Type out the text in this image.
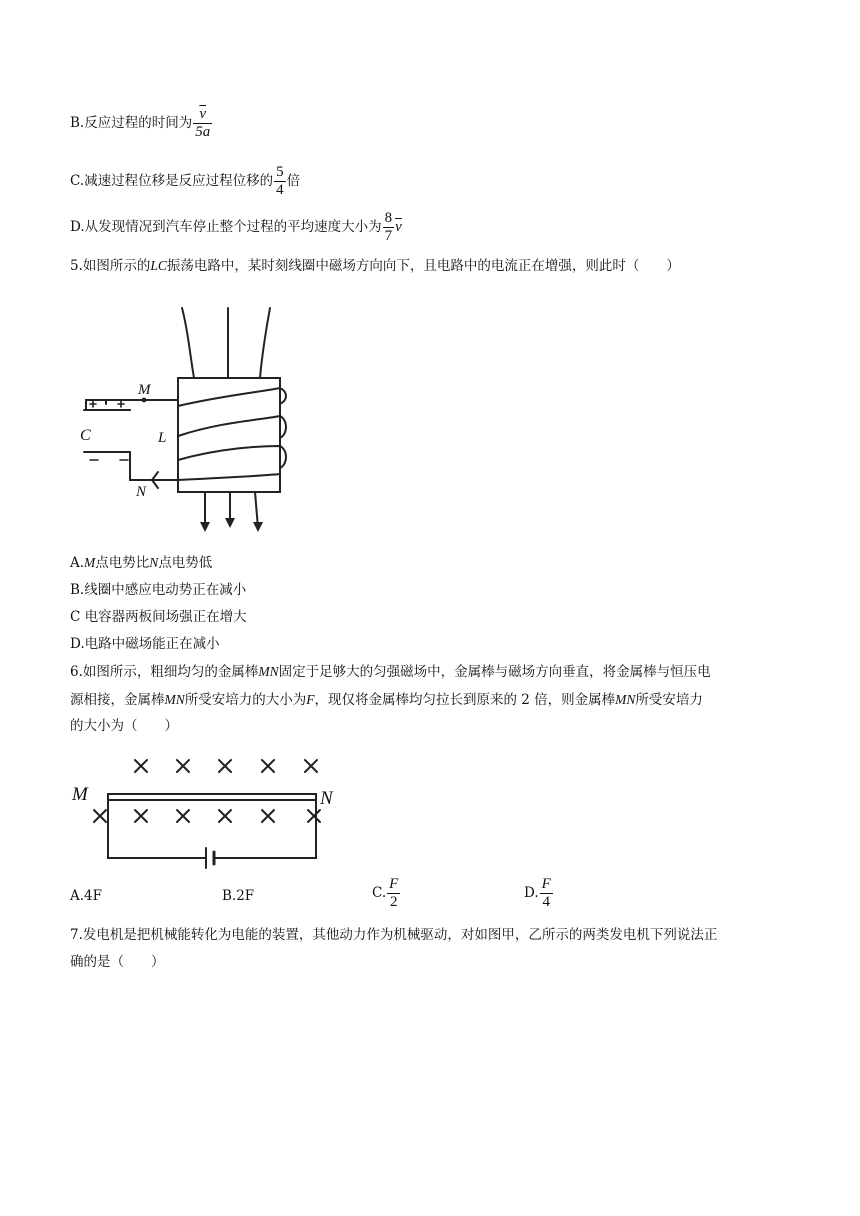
B.反应过程的时间为 $\frac{\overline{v}}{5a}$
C.减速过程位移是反应过程位移的 $\frac{5}{4}$ 倍
D.从发现情况到汽车停止整个过程的平均速度大小为 $\frac{8}{7} \overline{v}$
5.如图所示的LC振荡电路中，某时刻线圈中磁场方向向下，且电路中的电流正在增强，则此时（　　）
M
N
C	L
A.M点电势比N点电势低
B.线圈中感应电动势正在减小
C 电容器两板间场强正在增大
D.电路中磁场能正在减小
6.如图所示，粗细均匀的金属棒MN固定于足够大的匀强磁场中，金属棒与磁场方向垂直，将金属棒与恒压电
源相接，金属棒MN所受安培力的大小为F，现仅将金属棒均匀拉长到原来的 2 倍，则金属棒MN所受安培力
的大小为（　　）
M	N
A.4F	B.2F	C. $\frac{F}{2}$	D. $\frac{F}{4}$
7.发电机是把机械能转化为电能的装置，其他动力作为机械驱动，对如图甲，乙所示的两类发电机下列说法正
确的是（　　）
